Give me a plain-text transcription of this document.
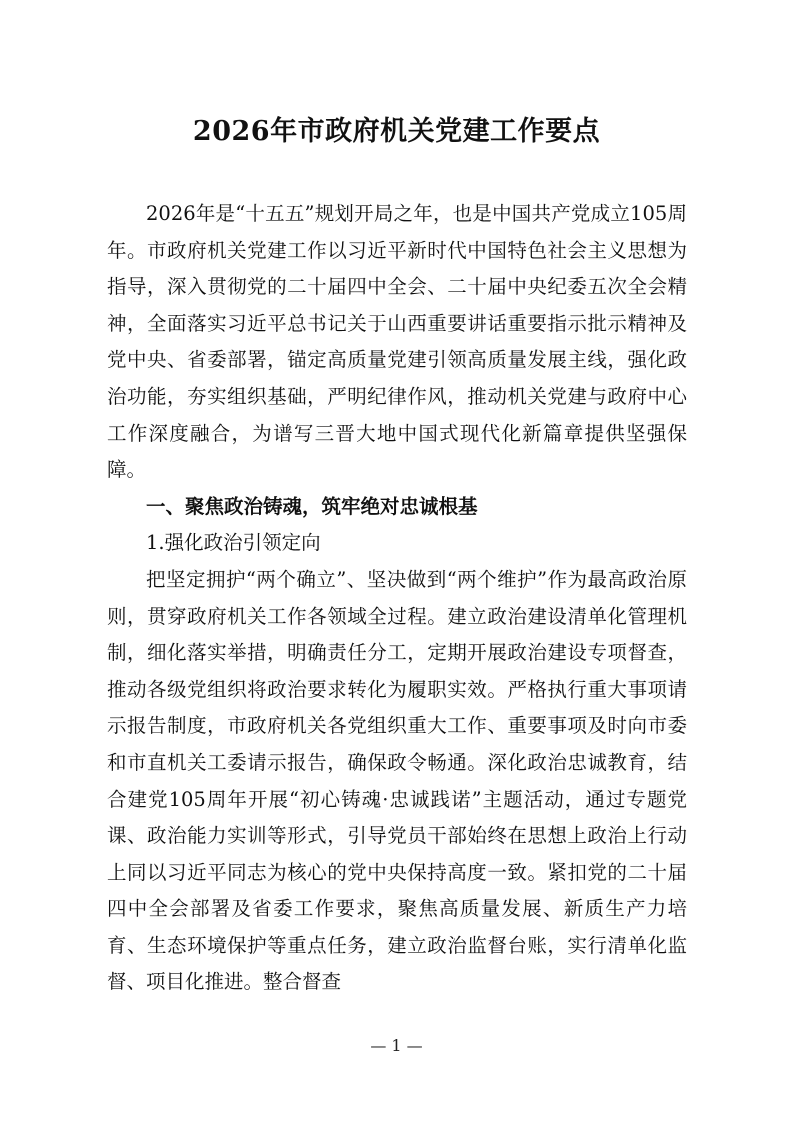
2026年市政府机关党建工作要点

2026年是“十五五”规划开局之年，也是中国共产党成立105周年。市政府机关党建工作以习近平新时代中国特色社会主义思想为指导，深入贯彻党的二十届四中全会、二十届中央纪委五次全会精神，全面落实习近平总书记关于山西重要讲话重要指示批示精神及党中央、省委部署，锚定高质量党建引领高质量发展主线，强化政治功能，夯实组织基础，严明纪律作风，推动机关党建与政府中心工作深度融合，为谱写三晋大地中国式现代化新篇章提供坚强保障。

一、聚焦政治铸魂，筑牢绝对忠诚根基

1.强化政治引领定向

把坚定拥护“两个确立”、坚决做到“两个维护”作为最高政治原则，贯穿政府机关工作各领域全过程。建立政治建设清单化管理机制，细化落实举措，明确责任分工，定期开展政治建设专项督查，推动各级党组织将政治要求转化为履职实效。严格执行重大事项请示报告制度，市政府机关各党组织重大工作、重要事项及时向市委和市直机关工委请示报告，确保政令畅通。深化政治忠诚教育，结合建党105周年开展“初心铸魂·忠诚践诺”主题活动，通过专题党课、政治能力实训等形式，引导党员干部始终在思想上政治上行动上同以习近平同志为核心的党中央保持高度一致。紧扣党的二十届四中全会部署及省委工作要求，聚焦高质量发展、新质生产力培育、生态环境保护等重点任务，建立政治监督台账，实行清单化监督、项目化推进。整合督查

— 1 —
